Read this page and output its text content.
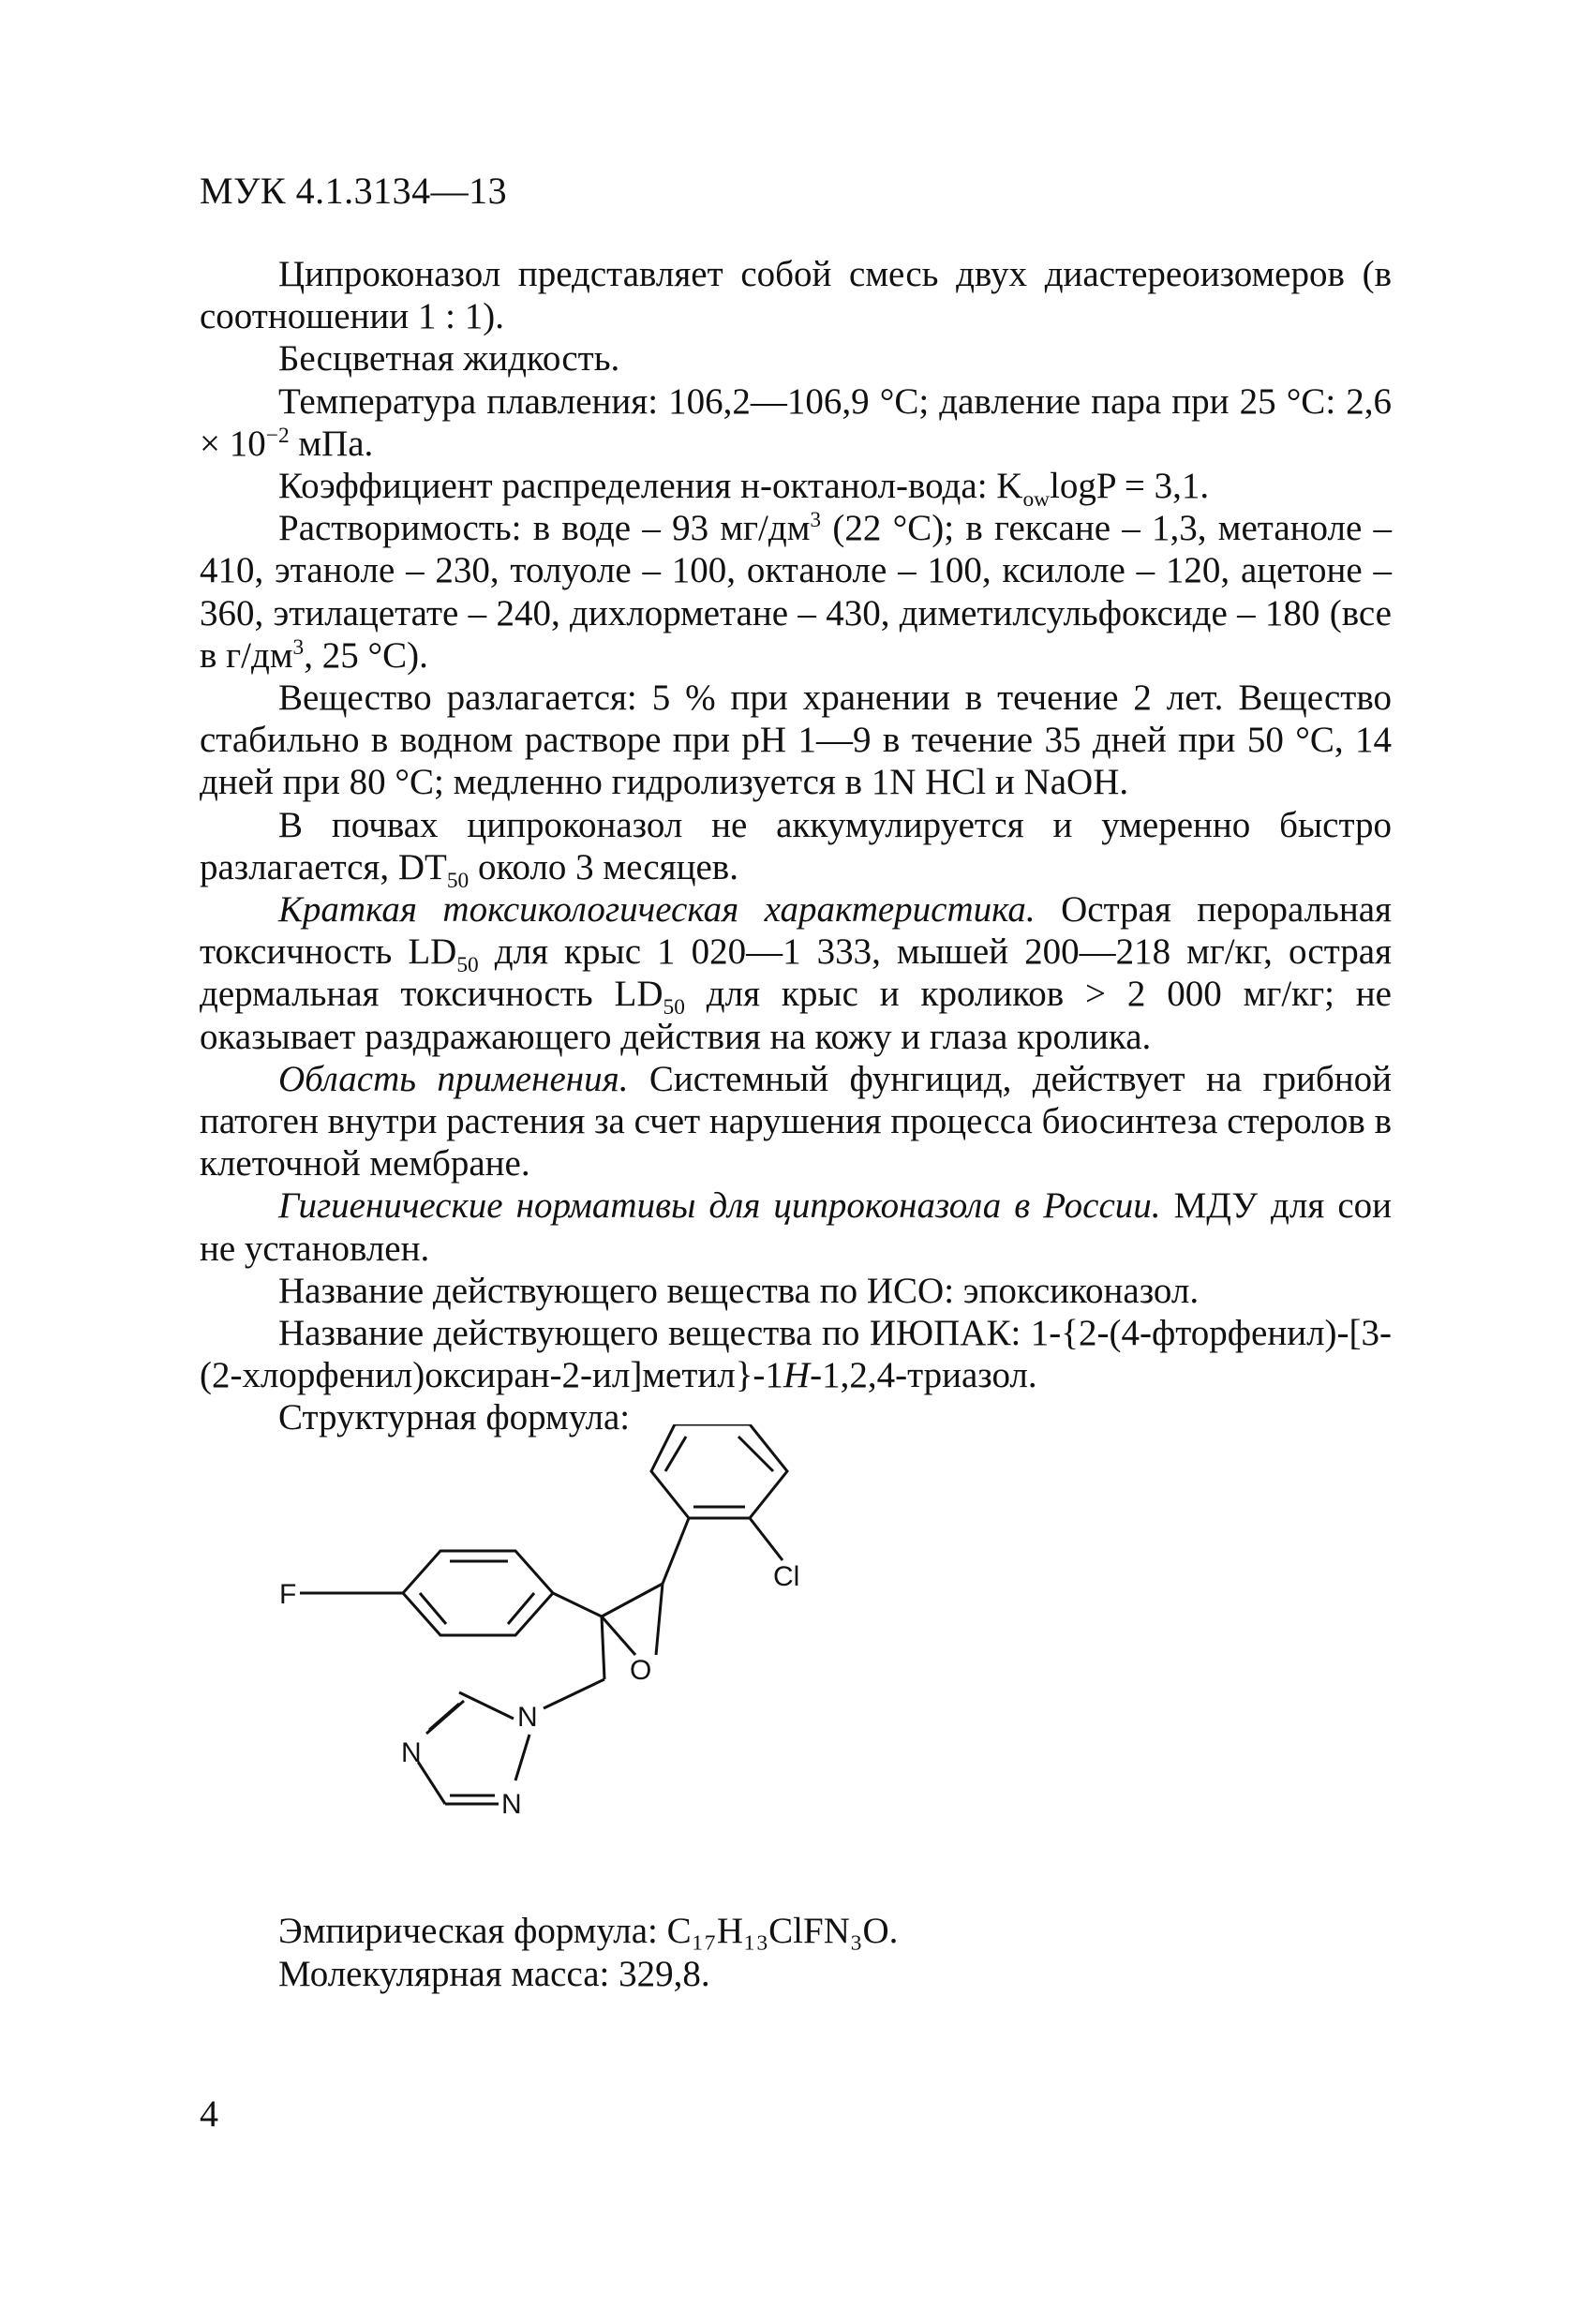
МУК 4.1.3134—13

Ципроконазол представляет собой смесь двух диастереоизомеров (в соотношении 1 : 1).

Бесцветная жидкость.

Температура плавления: 106,2—106,9 °С; давление пара при 25 °С: $2,6 \times 10^{-2}$ мПа.

Коэффициент распределения н-октанол-вода: $K_{ow}\log P = 3,1$.

Растворимость: в воде – 93 $мг/дм^3$ (22 °С); в гексане – 1,3, метаноле – 410, этаноле – 230, толуоле – 100, октаноле – 100, ксилоле – 120, ацетоне – 360, этилацетате – 240, дихлорметане – 430, диметилсульфоксиде – 180 (все в $г/дм^3$, 25 °С).

Вещество разлагается: 5 % при хранении в течение 2 лет. Вещество стабильно в водном растворе при pH 1—9 в течение 35 дней при 50 °С, 14 дней при 80 °С; медленно гидролизуется в 1N HCl и NaOH.

В почвах ципроконазол не аккумулируется и умеренно быстро разлагается, $DT_{50}$ около 3 месяцев.

Краткая токсикологическая характеристика. Острая пероральная токсичность $LD_{50}$ для крыс 1 020—1 333, мышей 200—218 мг/кг, острая дермальная токсичность $LD_{50}$ для крыс и кроликов > 2 000 мг/кг; не оказывает раздражающего действия на кожу и глаза кролика.

Область применения. Системный фунгицид, действует на грибной патоген внутри растения за счет нарушения процесса биосинтеза стеролов в клеточной мембране.

Гигиенические нормативы для ципроконазола в России. МДУ для сои не установлен.

Название действующего вещества по ИСО: эпоксиконазол.

Название действующего вещества по ИЮПАК: 1-{2-(4-фторфенил)-[3-(2-хлорфенил)оксиран-2-ил]метил}-1H-1,2,4-триазол.

Структурная формула:

F
Cl
O
N
N
N
Эмпирическая формула: C₁₇H₁₃ClFN₃O.
Молекулярная масса: 329,8.
4
